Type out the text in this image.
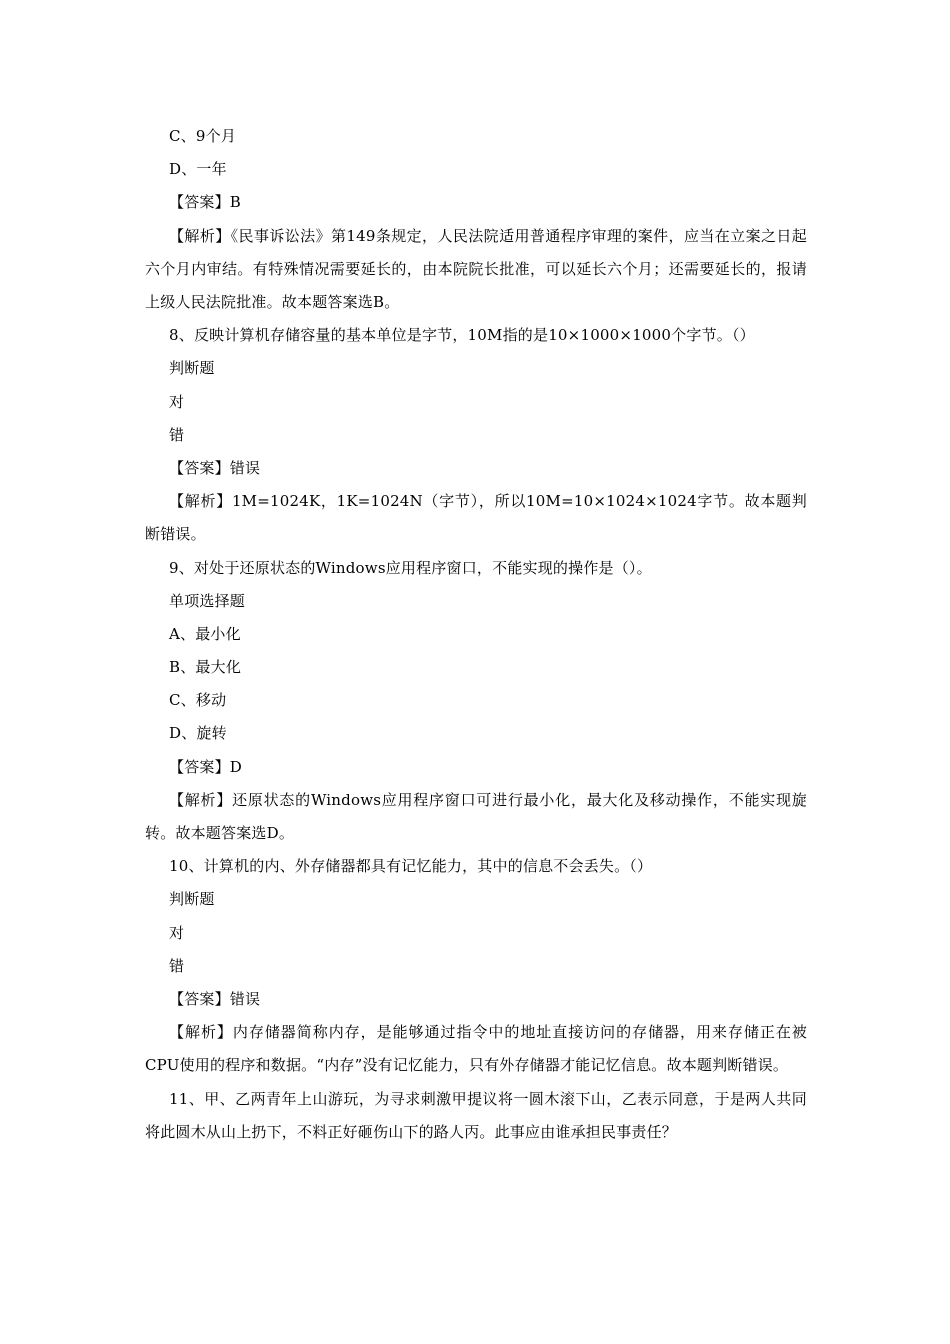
C、9个月
D、一年
【答案】B
【解析】《民事诉讼法》第149条规定，人民法院适用普通程序审理的案件，应当在立案之日起六个月内审结。有特殊情况需要延长的，由本院院长批准，可以延长六个月；还需要延长的，报请上级人民法院批准。故本题答案选B。
8、反映计算机存储容量的基本单位是字节，10M指的是10×1000×1000个字节。（）
判断题
对
错
【答案】错误
【解析】1M=1024K，1K=1024N（字节），所以10M=10×1024×1024字节。故本题判断错误。
9、对处于还原状态的Windows应用程序窗口，不能实现的操作是（）。
单项选择题
A、最小化
B、最大化
C、移动
D、旋转
【答案】D
【解析】还原状态的Windows应用程序窗口可进行最小化，最大化及移动操作，不能实现旋转。故本题答案选D。
10、计算机的内、外存储器都具有记忆能力，其中的信息不会丢失。（）
判断题
对
错
【答案】错误
【解析】内存储器简称内存，是能够通过指令中的地址直接访问的存储器，用来存储正在被CPU使用的程序和数据。“内存”没有记忆能力，只有外存储器才能记忆信息。故本题判断错误。
11、甲、乙两青年上山游玩，为寻求刺激甲提议将一圆木滚下山，乙表示同意，于是两人共同将此圆木从山上扔下，不料正好砸伤山下的路人丙。此事应由谁承担民事责任？
